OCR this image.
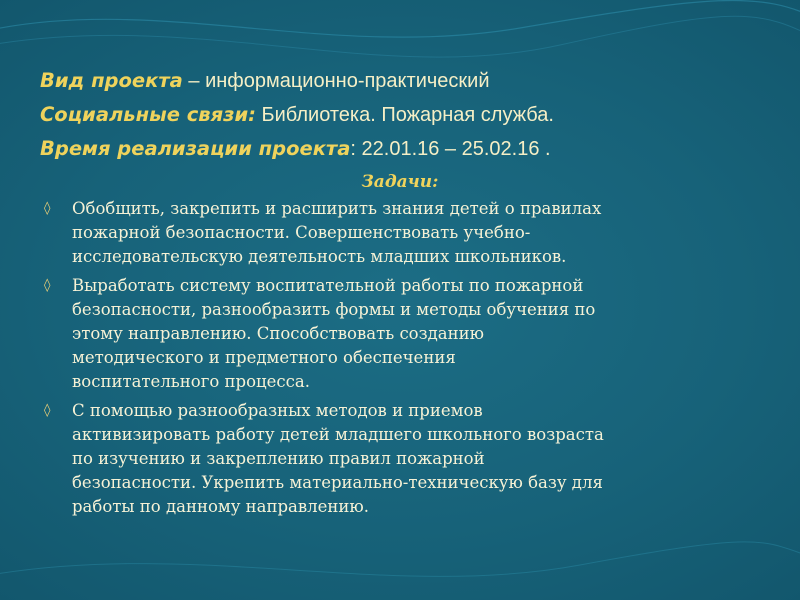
Вид проекта – информационно-практический
Социальные связи: Библиотека. Пожарная служба.
Время реализации проекта: 22.01.16 – 25.02.16 .
Задачи:
◊ Обобщить, закрепить и расширить знания детей о правилах
пожарной безопасности. Совершенствовать учебно-
исследовательскую деятельность младших школьников.
◊ Выработать систему воспитательной работы по пожарной
безопасности, разнообразить формы и методы обучения по
этому направлению. Способствовать созданию
методического и предметного обеспечения
воспитательного процесса.
◊ С помощью разнообразных методов и приемов
активизировать работу детей младшего школьного возраста
по изучению и закреплению правил пожарной
безопасности. Укрепить материально-техническую базу для
работы по данному направлению.
